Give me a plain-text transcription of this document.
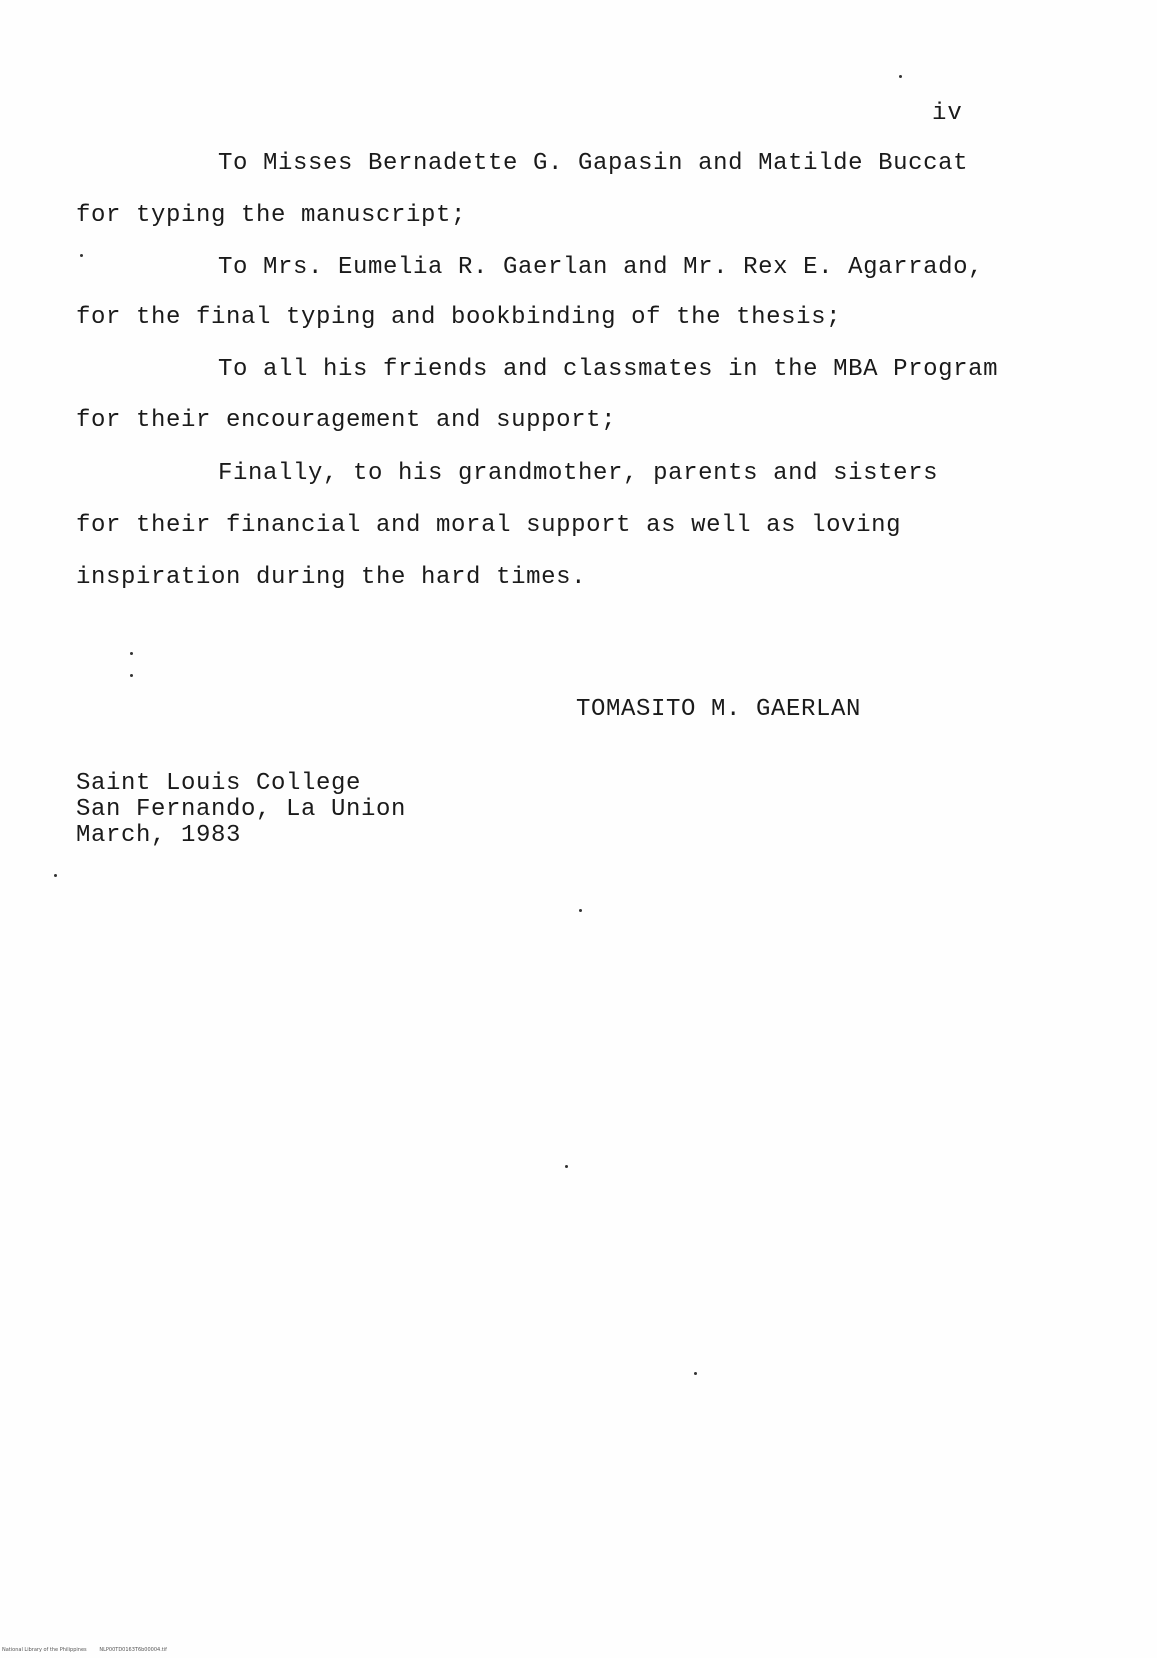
iv
To Misses Bernadette G. Gapasin and Matilde Buccat
for typing the manuscript;
To Mrs. Eumelia R. Gaerlan and Mr. Rex E. Agarrado,
for the final typing and bookbinding of the thesis;
To all his friends and classmates in the MBA Program
for their encouragement and support;
Finally, to his grandmother, parents and sisters
for their financial and moral support as well as loving
inspiration during the hard times.
TOMASITO M. GAERLAN
Saint Louis College
San Fernando, La Union
March, 1983
National Library of the Philippines	NLP00TD0163T6b00004.tif
